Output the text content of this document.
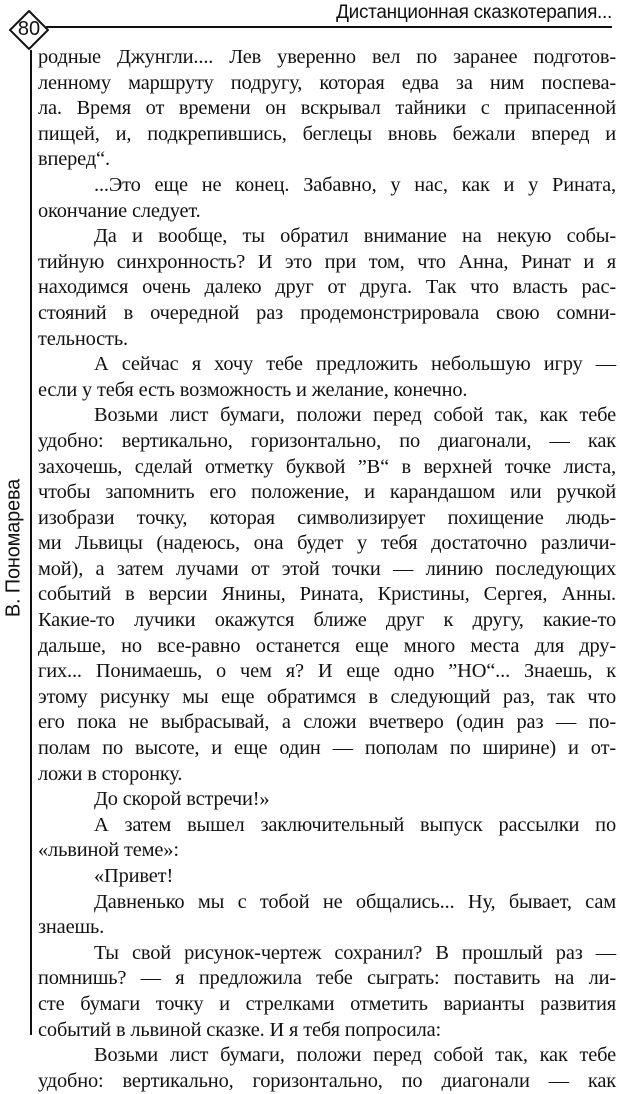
80
Дистанционная сказкотерапия...
В. Пономарева
родные Джунгли.... Лев уверенно вел по заранее подготов-
ленному маршруту подругу, которая едва за ним поспева-
ла. Время от времени он вскрывал тайники с припасенной
пищей, и, подкрепившись, беглецы вновь бежали вперед и
вперед“.
...Это еще не конец. Забавно, у нас, как и у Рината,
окончание следует.
Да и вообще, ты обратил внимание на некую собы-
тийную синхронность? И это при том, что Анна, Ринат и я
находимся очень далеко друг от друга. Так что власть рас-
стояний в очередной раз продемонстрировала свою сомни-
тельность.
А сейчас я хочу тебе предложить небольшую игру —
если у тебя есть возможность и желание, конечно.
Возьми лист бумаги, положи перед собой так, как тебе
удобно: вертикально, горизонтально, по диагонали, — как
захочешь, сделай отметку буквой ”В“ в верхней точке листа,
чтобы запомнить его положение, и карандашом или ручкой
изобрази точку, которая символизирует похищение людь-
ми Львицы (надеюсь, она будет у тебя достаточно различи-
мой), а затем лучами от этой точки — линию последующих
событий в версии Янины, Рината, Кристины, Сергея, Анны.
Какие-то лучики окажутся ближе друг к другу, какие-то
дальше, но все-равно останется еще много места для дру-
гих... Понимаешь, о чем я? И еще одно ”НО“... Знаешь, к
этому рисунку мы еще обратимся в следующий раз, так что
его пока не выбрасывай, а сложи вчетверо (один раз — по-
полам по высоте, и еще один — пополам по ширине) и от-
ложи в сторонку.
До скорой встречи!»
А затем вышел заключительный выпуск рассылки по
«львиной теме»:
«Привет!
Давненько мы с тобой не общались... Ну, бывает, сам
знаешь.
Ты свой рисунок-чертеж сохранил? В прошлый раз —
помнишь? — я предложила тебе сыграть: поставить на ли-
сте бумаги точку и стрелками отметить варианты развития
событий в львиной сказке. И я тебя попросила:
Возьми лист бумаги, положи перед собой так, как тебе
удобно: вертикально, горизонтально, по диагонали — как
